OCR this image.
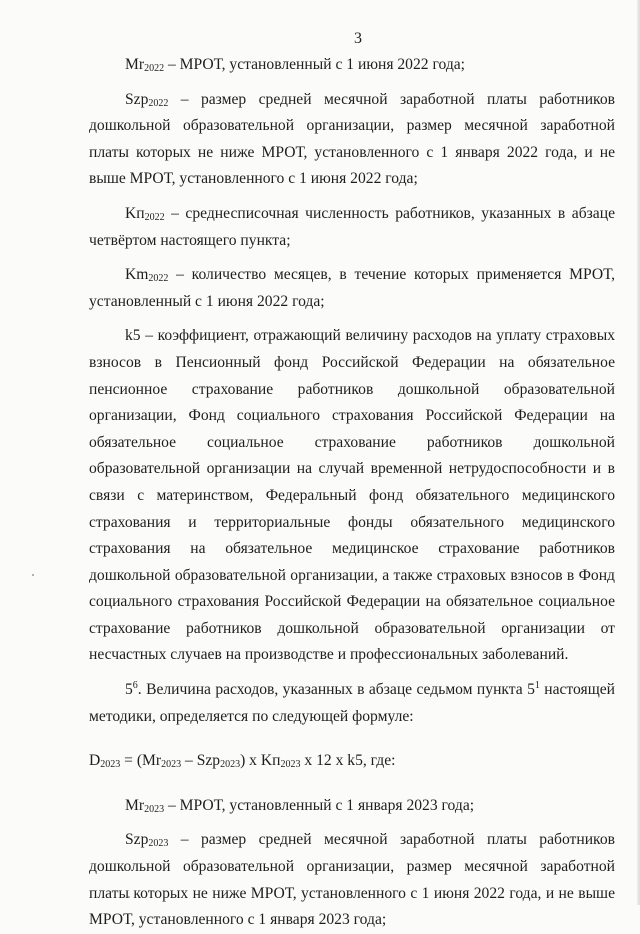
3

$Mr_{2022}$ – МРОТ, установленный с 1 июня 2022 года;

Szp$_{2022}$ – размер средней месячной заработной платы работников дошкольной образовательной организации, размер месячной заработной платы которых не ниже МРОТ, установленного с 1 января 2022 года, и не выше МРОТ, установленного с 1 июня 2022 года;

$Kп_{2022}$ – среднесписочная численность работников, указанных в абзаце четвёртом настоящего пункта;

$Km_{2022}$ – количество месяцев, в течение которых применяется МРОТ, установленный с 1 июня 2022 года;

k5 – коэффициент, отражающий величину расходов на уплату страховых взносов в Пенсионный фонд Российской Федерации на обязательное пенсионное страхование работников дошкольной образовательной организации, Фонд социального страхования Российской Федерации на обязательное социальное страхование работников дошкольной образовательной организации на случай временной нетрудоспособности и в связи с материнством, Федеральный фонд обязательного медицинского страхования и территориальные фонды обязательного медицинского страхования на обязательное медицинское страхование работников дошкольной образовательной организации, а также страховых взносов в Фонд социального страхования Российской Федерации на обязательное социальное страхование работников дошкольной образовательной организации от несчастных случаев на производстве и профессиональных заболеваний.

$5^6$. Величина расходов, указанных в абзаце седьмом пункта $5^1$ настоящей методики, определяется по следующей формуле:

$D_{2023} = (Mr_{2023} - Szp_{2023})$ x $Kп_{2023}$ x 12 x k5, где:

$Mr_{2023}$ – МРОТ, установленный с 1 января 2023 года;

Szp$_{2023}$ – размер средней месячной заработной платы работников дошкольной образовательной организации, размер месячной заработной платы которых не ниже МРОТ, установленного с 1 июня 2022 года, и не выше МРОТ, установленного с 1 января 2023 года;
